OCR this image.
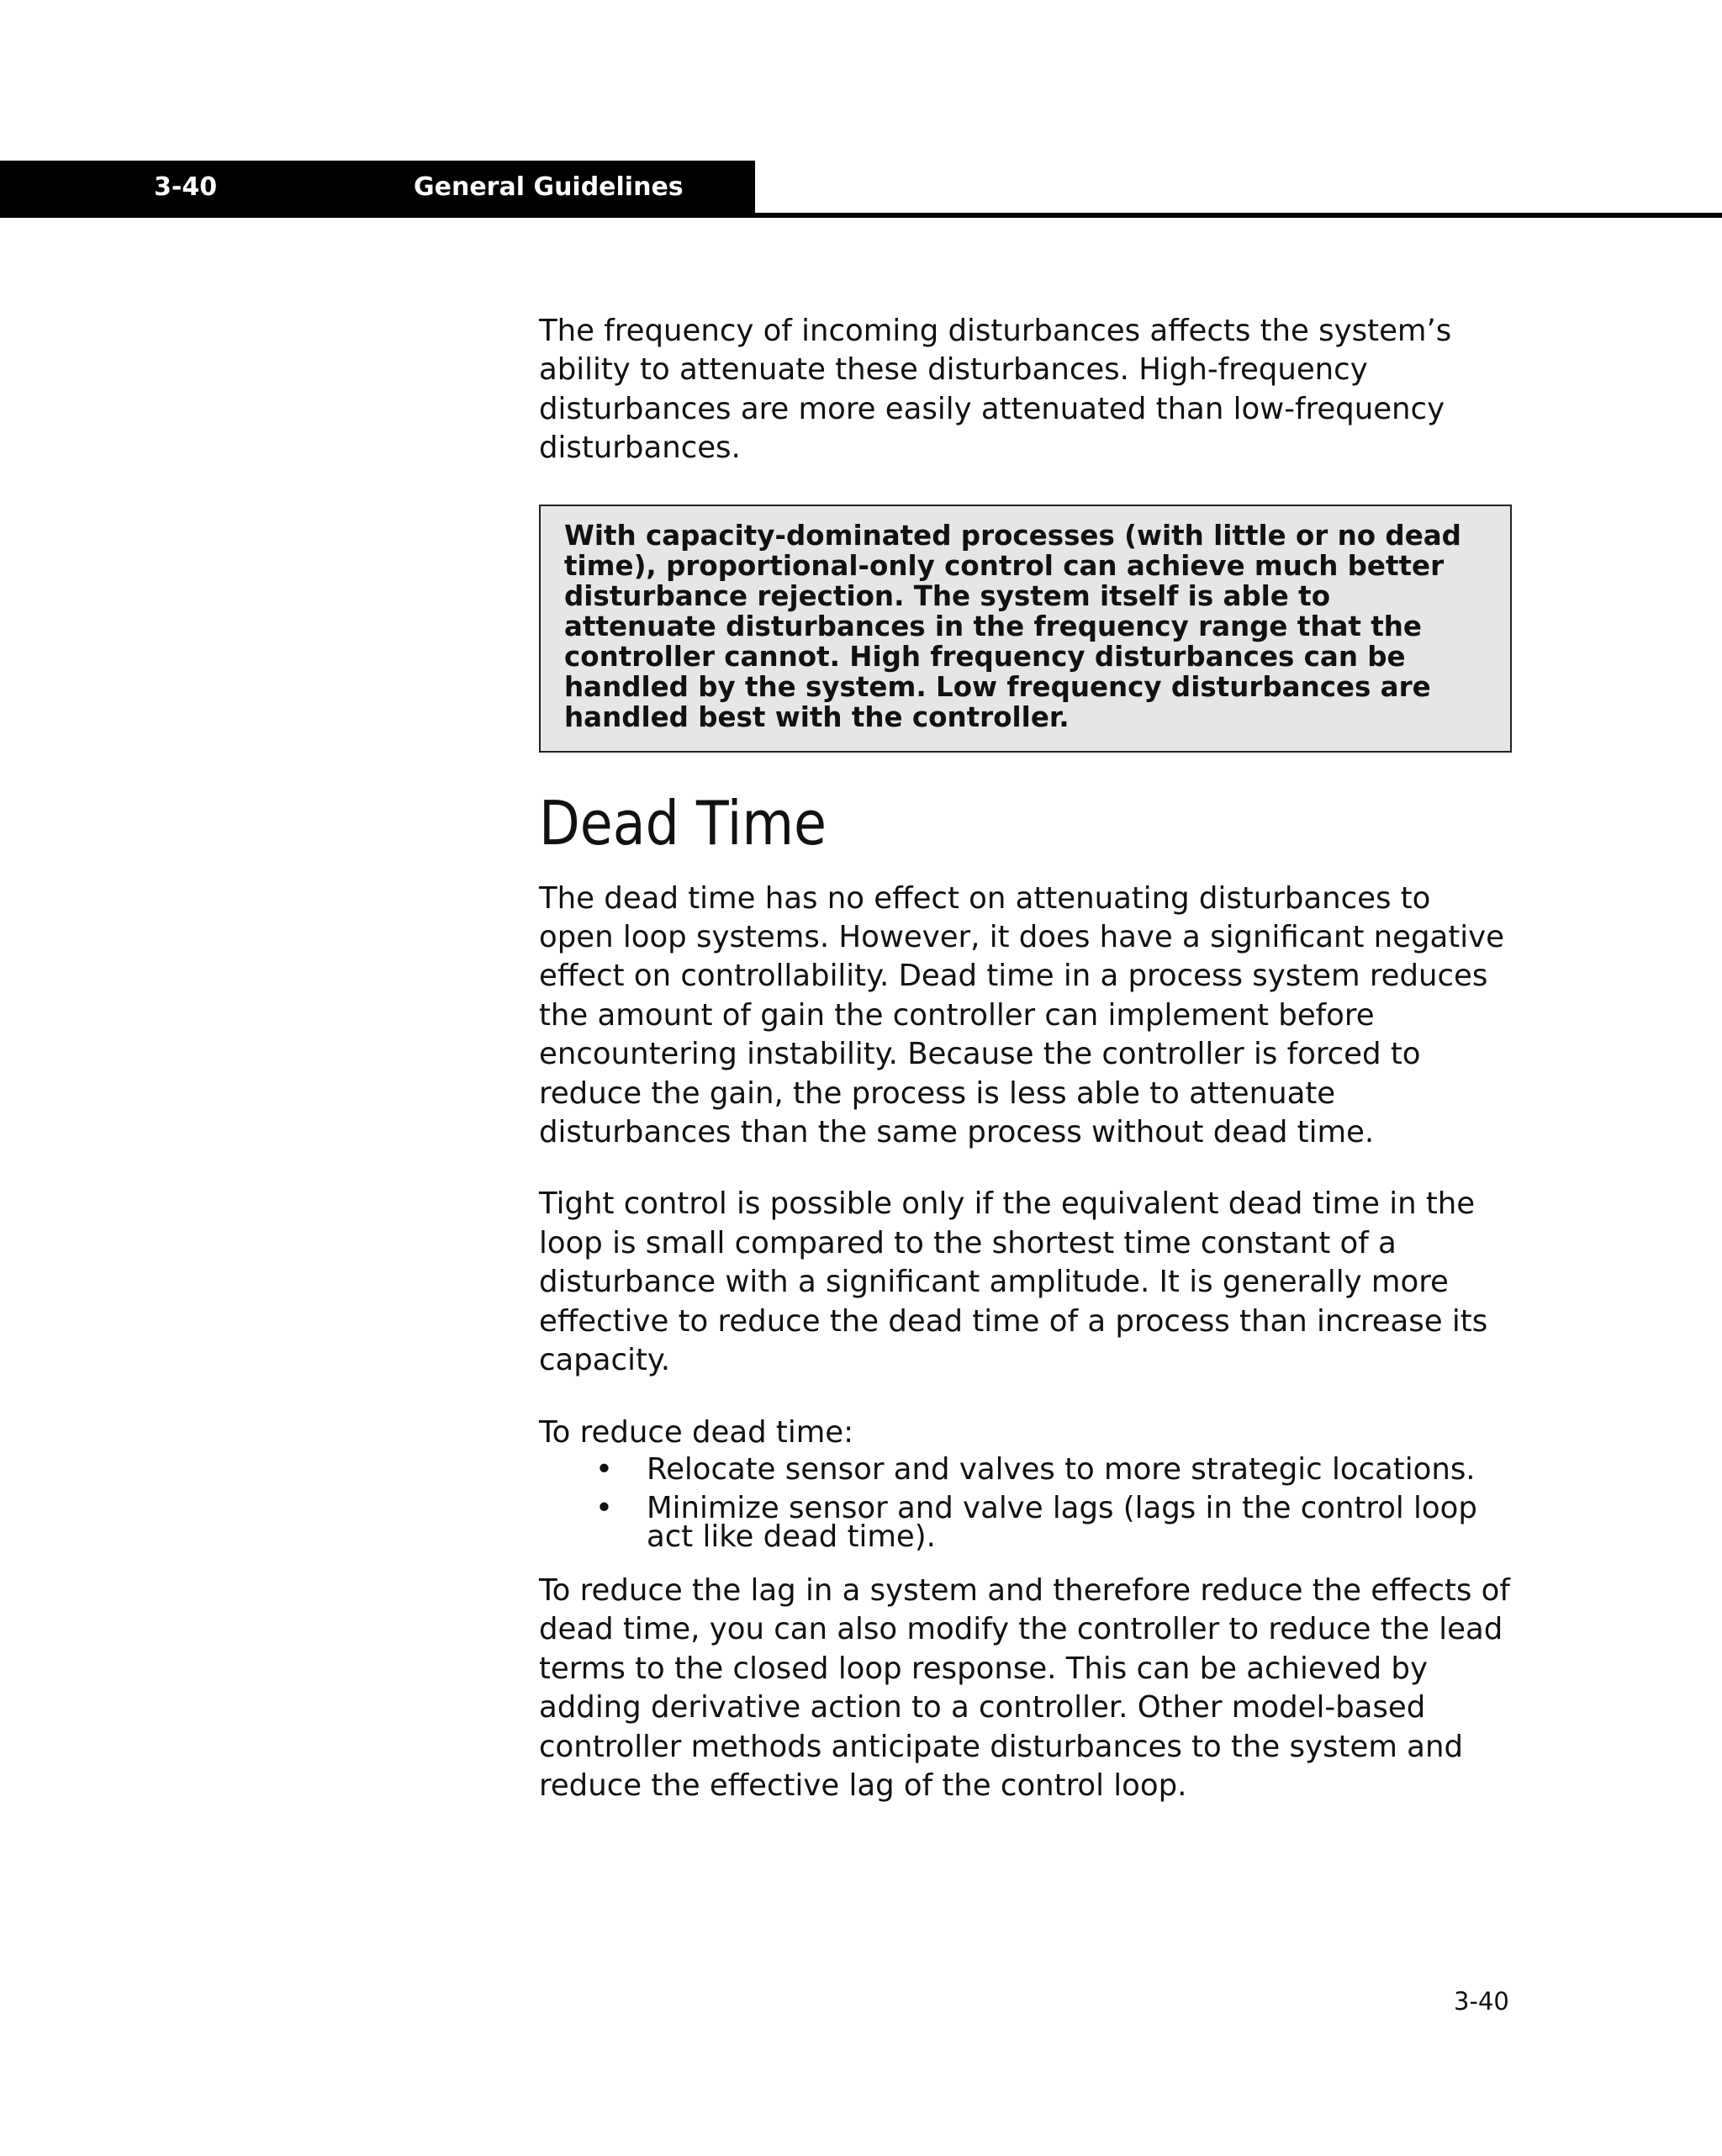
3-40	General Guidelines

The frequency of incoming disturbances affects the system’s ability to attenuate these disturbances. High-frequency disturbances are more easily attenuated than low-frequency disturbances.

With capacity-dominated processes (with little or no dead time), proportional-only control can achieve much better disturbance rejection. The system itself is able to attenuate disturbances in the frequency range that the controller cannot. High frequency disturbances can be handled by the system. Low frequency disturbances are handled best with the controller.
Dead Time

The dead time has no effect on attenuating disturbances to open loop systems. However, it does have a significant negative effect on controllability. Dead time in a process system reduces the amount of gain the controller can implement before encountering instability. Because the controller is forced to reduce the gain, the process is less able to attenuate disturbances than the same process without dead time.

Tight control is possible only if the equivalent dead time in the loop is small compared to the shortest time constant of a disturbance with a significant amplitude. It is generally more effective to reduce the dead time of a process than increase its capacity.

To reduce dead time:

• Relocate sensor and valves to more strategic locations.
• Minimize sensor and valve lags (lags in the control loop act like dead time).

To reduce the lag in a system and therefore reduce the effects of dead time, you can also modify the controller to reduce the lead terms to the closed loop response. This can be achieved by adding derivative action to a controller. Other model-based controller methods anticipate disturbances to the system and reduce the effective lag of the control loop.

3-40
